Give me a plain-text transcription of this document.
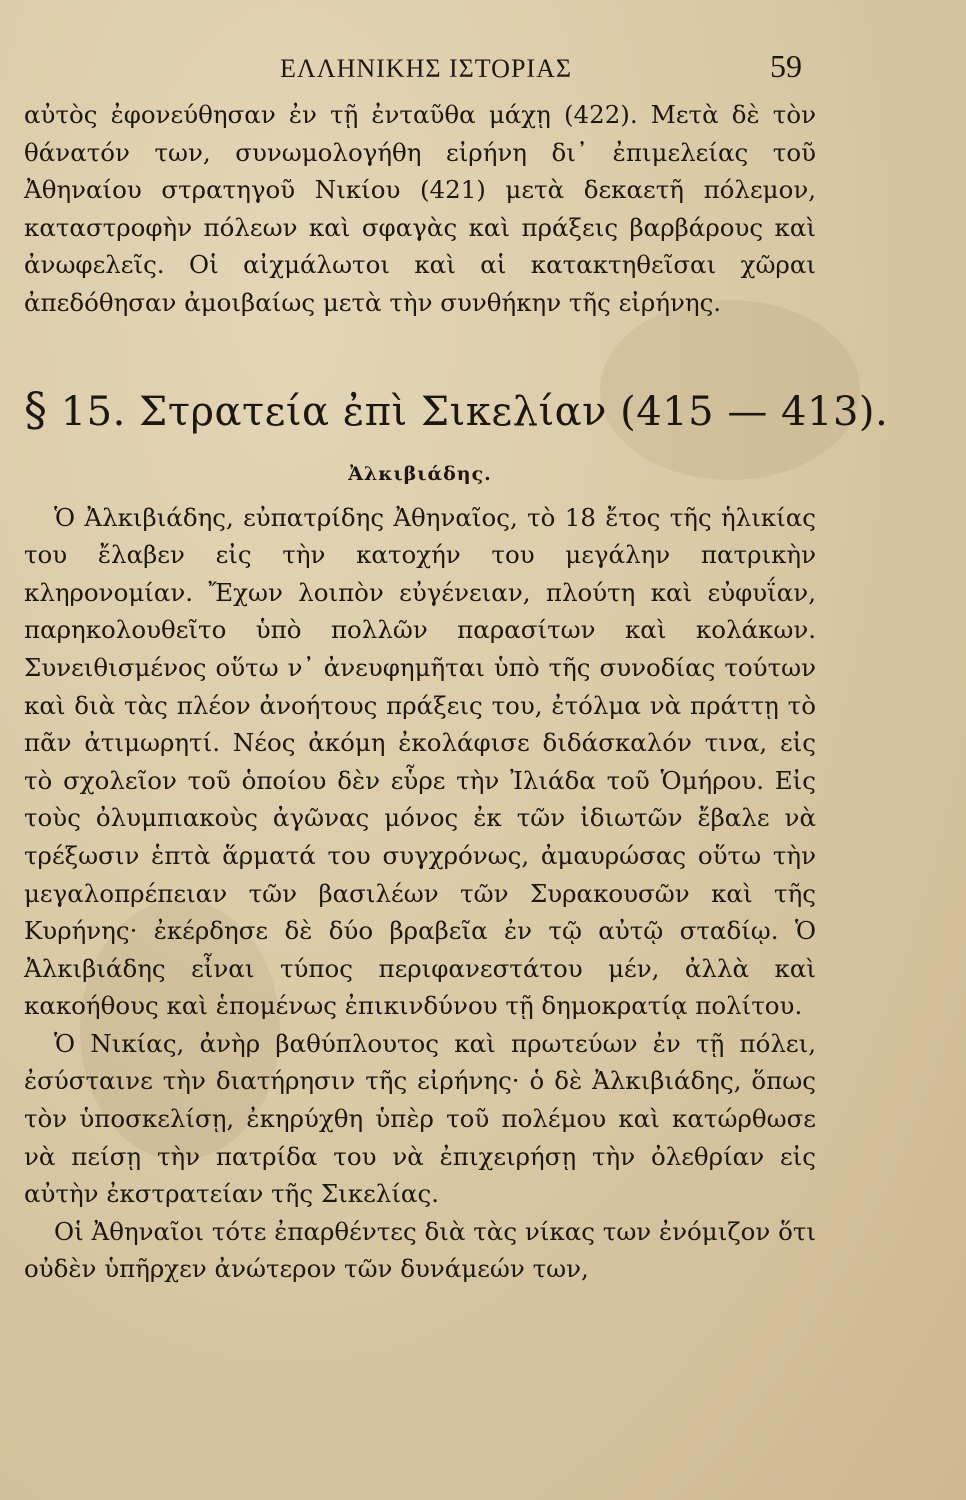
ΕΛΛΗΝΙΚΗΣ ΙΣΤΟΡΙΑΣ	59

αὐτὸς ἐφονεύθησαν ἐν τῇ ἐνταῦθα μάχῃ (422). Μετὰ δὲ τὸν θάνατόν των, συνωμολογήθη εἰρήνη δι᾽ ἐπιμελείας τοῦ Ἀθηναίου στρατηγοῦ Νικίου (421) μετὰ δεκαετῆ πόλεμον, καταστροφὴν πόλεων καὶ σφαγὰς καὶ πράξεις βαρβάρους καὶ ἀνωφελεῖς. Οἱ αἰχμάλωτοι καὶ αἱ κατακτηθεῖσαι χῶραι ἀπεδόθησαν ἀμοιβαίως μετὰ τὴν συνθήκην τῆς εἰρήνης.

§ 15. Στρατεία ἐπὶ Σικελίαν (415 — 413).
Ἀλκιβιάδης.

Ὁ Ἀλκιβιάδης, εὐπατρίδης Ἀθηναῖος, τὸ 18 ἔτος τῆς ἡλικίας του ἔλαβεν εἰς τὴν κατοχήν του μεγάλην πατρικὴν κληρονομίαν. Ἔχων λοιπὸν εὐγένειαν, πλούτη καὶ εὐφυΐαν, παρηκολουθεῖτο ὑπὸ πολλῶν παρασίτων καὶ κολάκων. Συνειθισμένος οὕτω ν᾽ ἀνευφημῆται ὑπὸ τῆς συνοδίας τούτων καὶ διὰ τὰς πλέον ἀνοήτους πράξεις του, ἐτόλμα νὰ πράττῃ τὸ πᾶν ἀτιμωρητί. Νέος ἀκόμη ἐκολάφισε διδάσκαλόν τινα, εἰς τὸ σχολεῖον τοῦ ὁποίου δὲν εὗρε τὴν Ἰλιάδα τοῦ Ὁμήρου. Εἰς τοὺς ὀλυμπιακοὺς ἀγῶνας μόνος ἐκ τῶν ἰδιωτῶν ἔβαλε νὰ τρέξωσιν ἑπτὰ ἅρματά του συγχρόνως, ἀμαυρώσας οὕτω τὴν μεγαλοπρέπειαν τῶν βασιλέων τῶν Συρακουσῶν καὶ τῆς Κυρήνης· ἐκέρδησε δὲ δύο βραβεῖα ἐν τῷ αὐτῷ σταδίῳ. Ὁ Ἀλκιβιάδης εἶναι τύπος περιφανεστάτου μέν, ἀλλὰ καὶ κακοήθους καὶ ἑπομένως ἐπικινδύνου τῇ δημοκρατίᾳ πολίτου.

Ὁ Νικίας, ἀνὴρ βαθύπλουτος καὶ πρωτεύων ἐν τῇ πόλει, ἐσύσταινε τὴν διατήρησιν τῆς εἰρήνης· ὁ δὲ Ἀλκιβιάδης, ὅπως τὸν ὑποσκελίσῃ, ἐκηρύχθη ὑπὲρ τοῦ πολέμου καὶ κατώρθωσε νὰ πείσῃ τὴν πατρίδα του νὰ ἐπιχειρήσῃ τὴν ὀλεθρίαν εἰς αὐτὴν ἐκστρατείαν τῆς Σικελίας.

Οἱ Ἀθηναῖοι τότε ἐπαρθέντες διὰ τὰς νίκας των ἐνόμιζον ὅτι οὐδὲν ὑπῆρχεν ἀνώτερον τῶν δυνάμεών των,
